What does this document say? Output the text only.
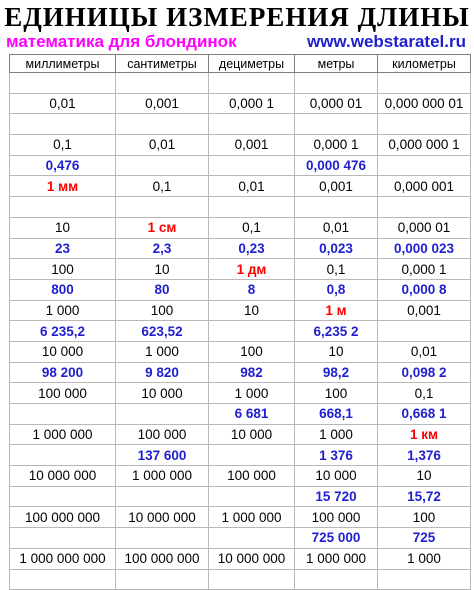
ЕДИНИЦЫ ИЗМЕРЕНИЯ ДЛИНЫ
математика для блондинок	www.webstaratel.ru
миллиметры	сантиметры	дециметры	метры	километры

0,01	0,001	0,000 1	0,000 01	0,000 000 01

0,1	0,01	0,001	0,000 1	0,000 000 1
0,476			0,000 476	
1 мм	0,1	0,01	0,001	0,000 001

10	1 см	0,1	0,01	0,000 01
23	2,3	0,23	0,023	0,000 023
100	10	1 дм	0,1	0,000 1
800	80	8	0,8	0,000 8
1 000	100	10	1 м	0,001
6 235,2	623,52		6,235 2	
10 000	1 000	100	10	0,01
98 200	9 820	982	98,2	0,098 2
100 000	10 000	1 000	100	0,1
		6 681	668,1	0,668 1
1 000 000	100 000	10 000	1 000	1 км
	137 600		1 376	1,376
10 000 000	1 000 000	100 000	10 000	10
			15 720	15,72
100 000 000	10 000 000	1 000 000	100 000	100
			725 000	725
1 000 000 000	100 000 000	10 000 000	1 000 000	1 000
